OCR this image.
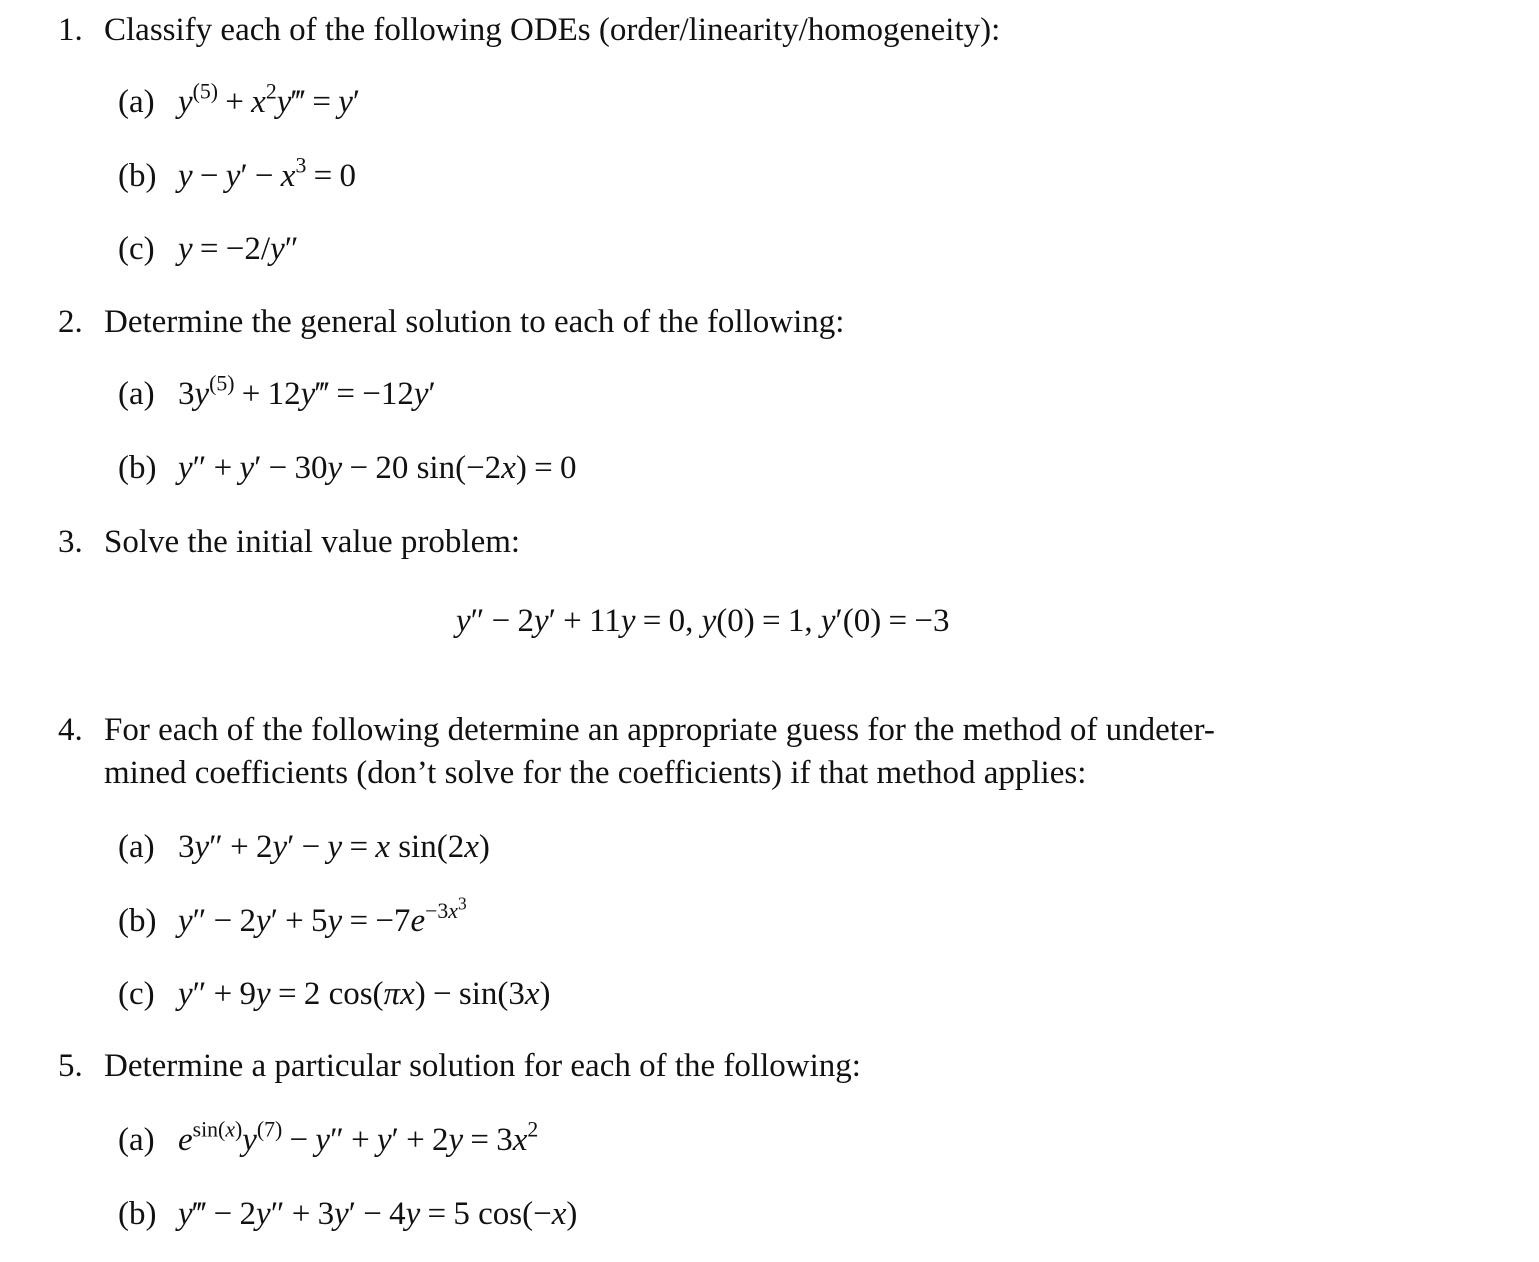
1. Classify each of the following ODEs (order/linearity/homogeneity):
(a) $y^{(5)}$ + $x^2y‴ = y'$
(b) $y - y' - x^3 = 0$
(c) y = −2/y″
2. Determine the general solution to each of the following:
(a) $3y^{(5)}$ + 12y‴ = −12y′
(b) y″ + y′ − 30y − 20 sin(−2x) = 0
3. Solve the initial value problem:
y″ − 2y′ + 11y = 0, y(0) = 1, y′(0) = −3
4. For each of the following determine an appropriate guess for the method of undeter-
mined coefficients (don’t solve for the coefficients) if that method applies:
(a) 3y″ + 2y′ − y = x sin(2x)
(b) $y'' - 2y' + 5y = -7e^{-3x^3}$
(c) y″ + 9y = 2 cos(πx) − sin(3x)
5. Determine a particular solution for each of the following:
(a) $e^{sin(x)}y^{(7)} - y'' + y' + 2y = 3x^2$
(b) y‴ − 2y″ + 3y′ − 4y = 5 cos(−x)
